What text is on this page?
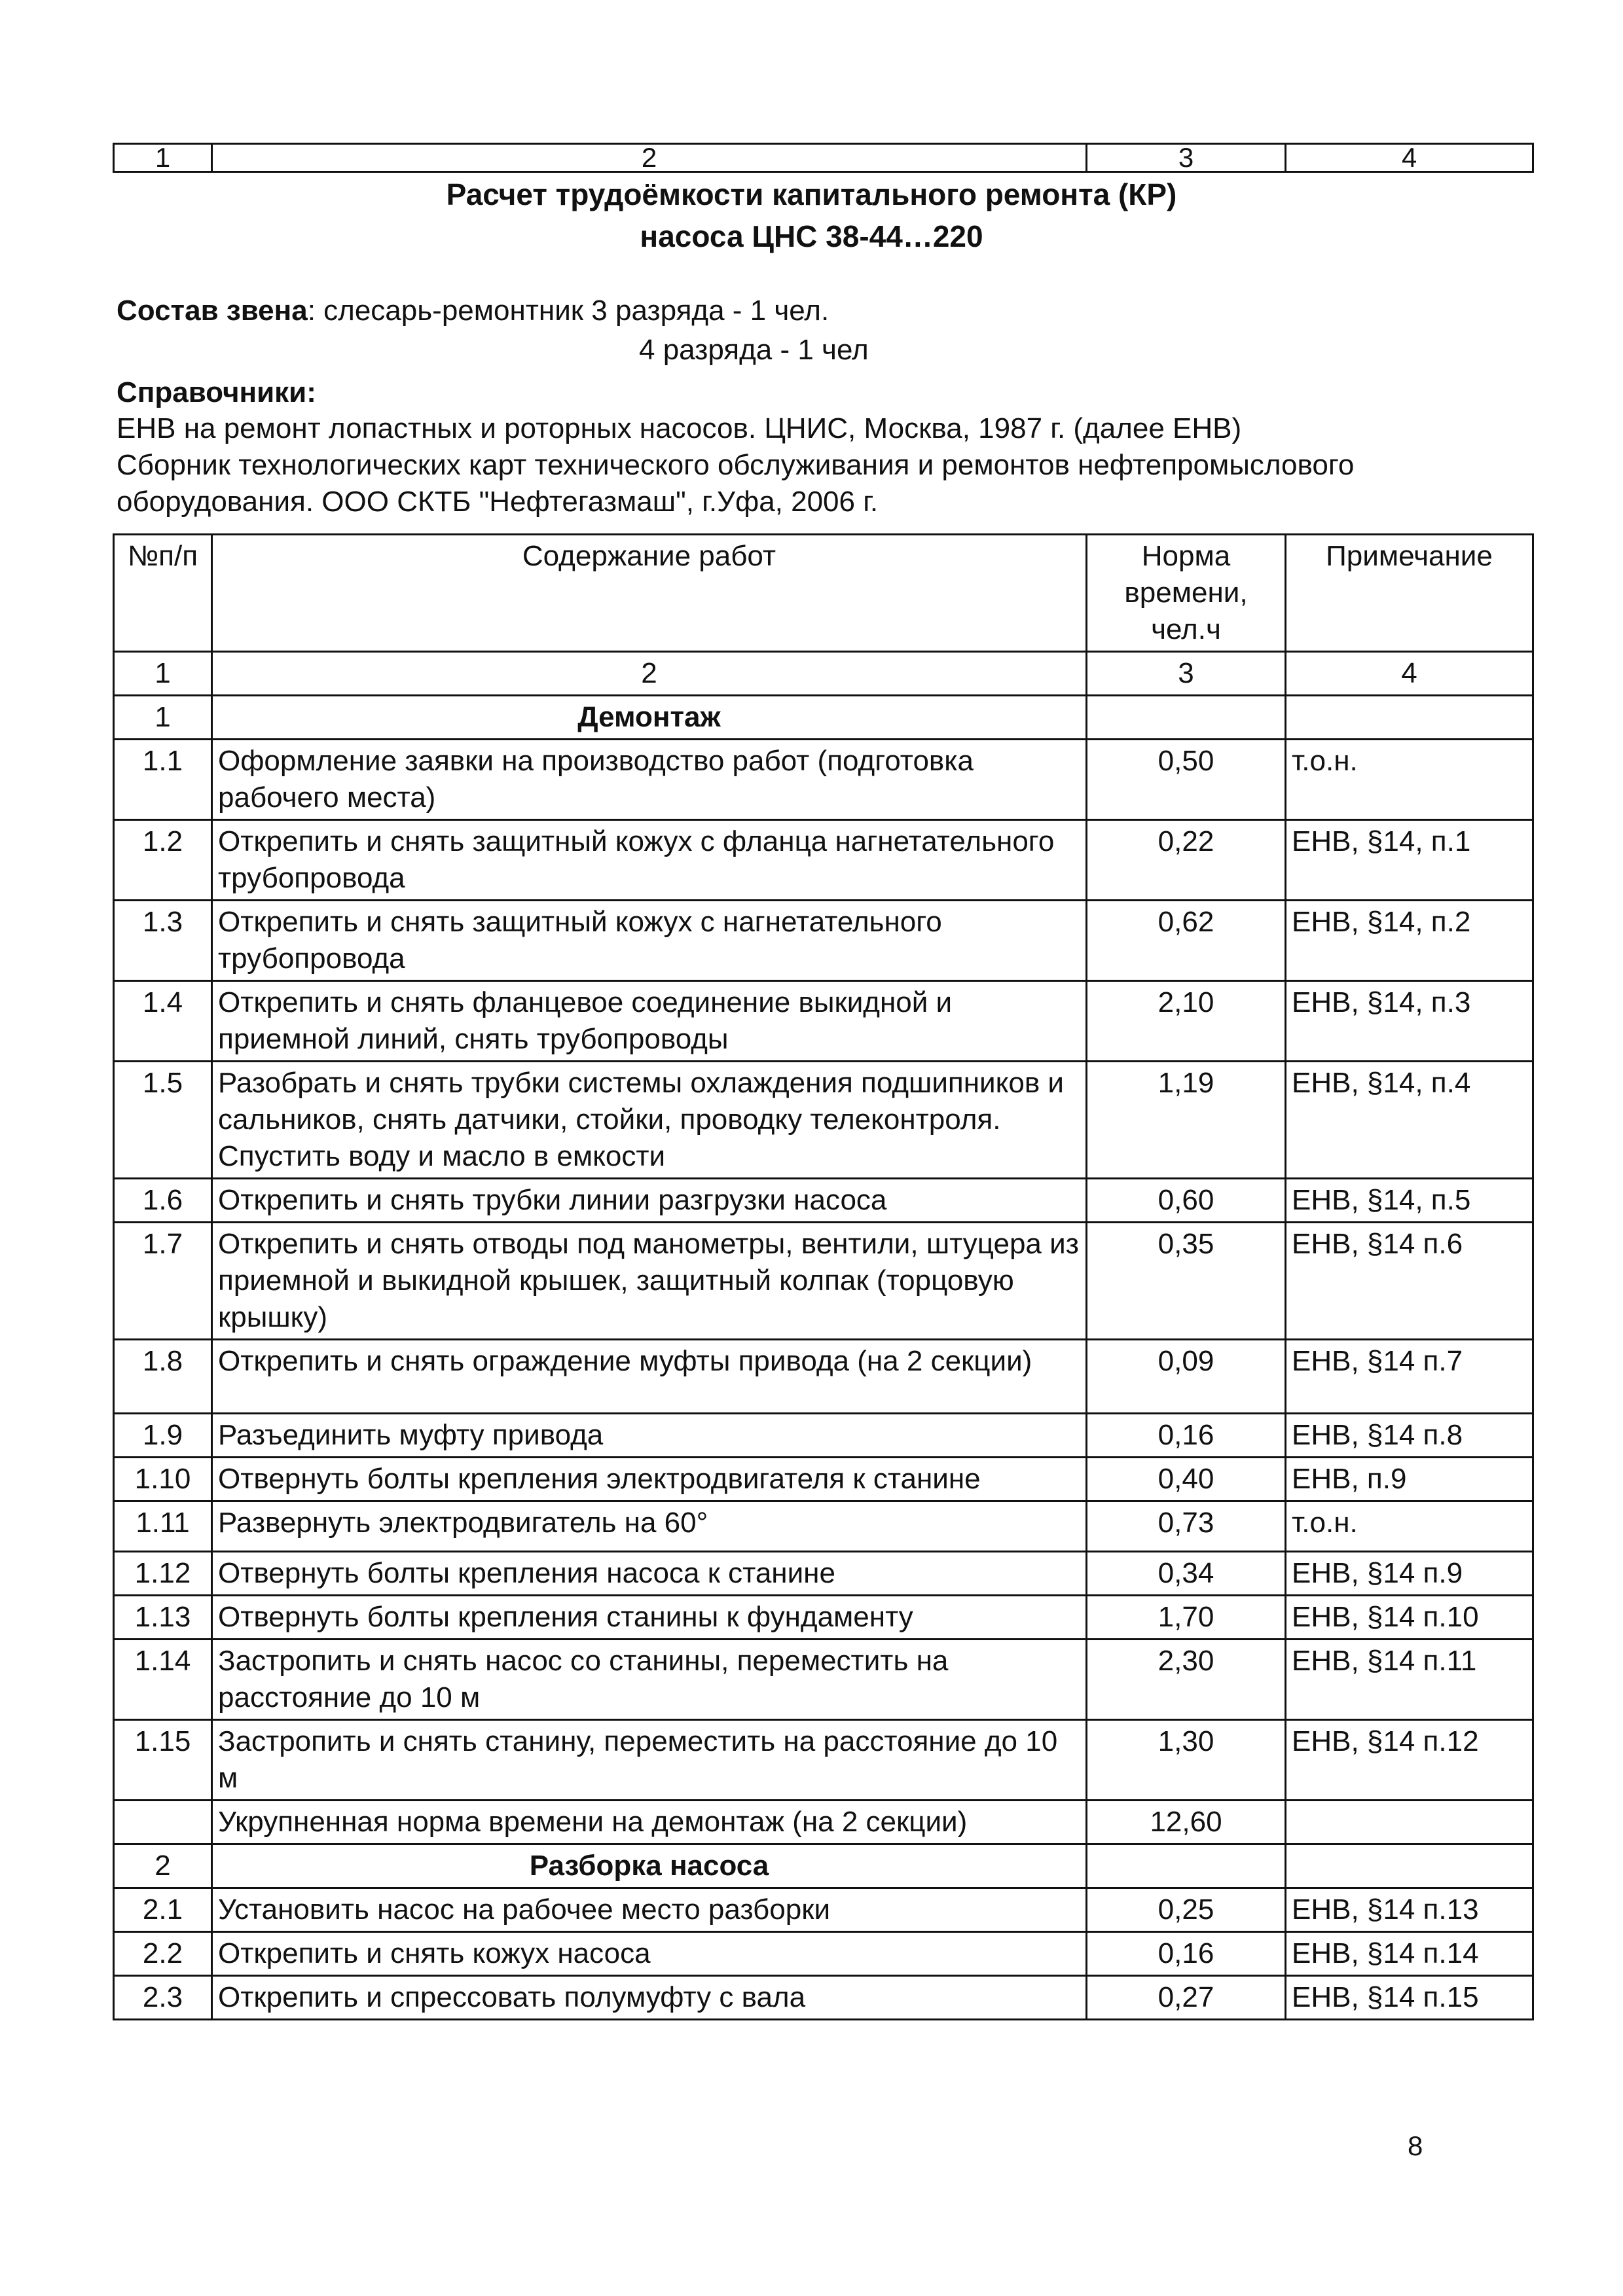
1	2	3	4
Расчет трудоёмкости капитального ремонта (КР)
насоса ЦНС 38-44…220
Состав звена: слесарь-ремонтник 3 разряда - 1 чел.
4 разряда - 1 чел
Справочники:
ЕНВ на ремонт лопастных и роторных насосов. ЦНИС, Москва, 1987 г. (далее ЕНВ)
Сборник технологических карт технического обслуживания и ремонтов нефтепромыслового
оборудования. ООО СКТБ "Нефтегазмаш", г.Уфа, 2006 г.
№п/п	Содержание работ	Норма времени, чел.ч	Примечание
1	2	3	4
1	Демонтаж		
1.1	Оформление заявки на производство работ (подготовка рабочего места)	0,50	т.о.н.
1.2	Открепить и снять защитный кожух с фланца нагнетательного трубопровода	0,22	ЕНВ, §14, п.1
1.3	Открепить и снять защитный кожух с нагнетательного трубопровода	0,62	ЕНВ, §14, п.2
1.4	Открепить и снять фланцевое соединение выкидной и приемной линий, снять трубопроводы	2,10	ЕНВ, §14, п.3
1.5	Разобрать и снять трубки системы охлаждения подшипников и сальников, снять датчики, стойки, проводку телеконтроля. Спустить воду и масло в емкости	1,19	ЕНВ, §14, п.4
1.6	Открепить и снять трубки линии разгрузки насоса	0,60	ЕНВ, §14, п.5
1.7	Открепить и снять отводы под манометры, вентили, штуцера из приемной и выкидной крышек, защитный колпак (торцовую крышку)	0,35	ЕНВ, §14 п.6
1.8	Открепить и снять ограждение муфты привода (на 2 секции)	0,09	ЕНВ, §14 п.7
1.9	Разъединить муфту привода	0,16	ЕНВ, §14 п.8
1.10	Отвернуть болты крепления электродвигателя к станине	0,40	ЕНВ, п.9
1.11	Развернуть электродвигатель на 60°	0,73	т.о.н.
1.12	Отвернуть болты крепления насоса к станине	0,34	ЕНВ, §14 п.9
1.13	Отвернуть болты крепления станины к фундаменту	1,70	ЕНВ, §14 п.10
1.14	Застропить и снять насос со станины, переместить на расстояние до 10 м	2,30	ЕНВ, §14 п.11
1.15	Застропить и снять станину, переместить на расстояние до 10 м	1,30	ЕНВ, §14 п.12
	Укрупненная норма времени на демонтаж (на 2 секции)	12,60	
2	Разборка насоса		
2.1	Установить насос на рабочее место разборки	0,25	ЕНВ, §14 п.13
2.2	Открепить и снять кожух насоса	0,16	ЕНВ, §14 п.14
2.3	Открепить и спрессовать полумуфту с вала	0,27	ЕНВ, §14 п.15
8
